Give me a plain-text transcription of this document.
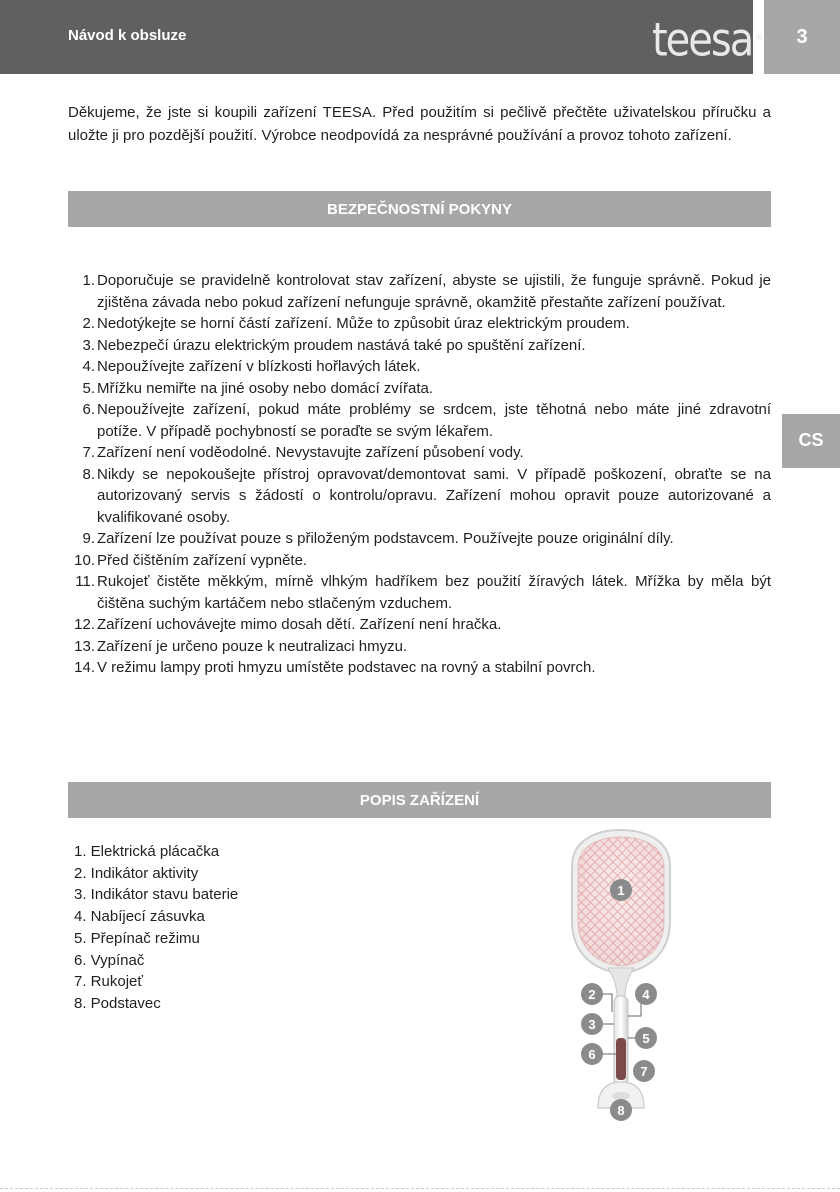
Návod k obsluze	teesa ®	3
CS

Děkujeme, že jste si koupili zařízení TEESA. Před použitím si pečlivě přečtěte uživatelskou příručku a uložte ji pro pozdější použití. Výrobce neodpovídá za nesprávné používání a provoz tohoto zařízení.

BEZPEČNOSTNÍ POKYNY
1. Doporučuje se pravidelně kontrolovat stav zařízení, abyste se ujistili, že funguje správně. Pokud je zjištěna závada nebo pokud zařízení nefunguje správně, okamžitě přestaňte zařízení používat.
2. Nedotýkejte se horní částí zařízení. Může to způsobit úraz elektrickým proudem.
3. Nebezpečí úrazu elektrickým proudem nastává také po spuštění zařízení.
4. Nepoužívejte zařízení v blízkosti hořlavých látek.
5. Mřížku nemiřte na jiné osoby nebo domácí zvířata.
6. Nepoužívejte zařízení, pokud máte problémy se srdcem, jste těhotná nebo máte jiné zdravotní potíže. V případě pochybností se poraďte se svým lékařem.
7. Zařízení není voděodolné. Nevystavujte zařízení působení vody.
8. Nikdy se nepokoušejte přístroj opravovat/demontovat sami. V případě poškození, obraťte se na autorizovaný servis s žádostí o kontrolu/opravu. Zařízení mohou opravit pouze autorizované a kvalifikované osoby.
9. Zařízení lze používat pouze s přiloženým podstavcem. Používejte pouze originální díly.
10. Před čištěním zařízení vypněte.
11. Rukojeť čistěte měkkým, mírně vlhkým hadříkem bez použití žíravých látek. Mřížka by měla být čištěna suchým kartáčem nebo stlačeným vzduchem.
12. Zařízení uchovávejte mimo dosah dětí. Zařízení není hračka.
13. Zařízení je určeno pouze k neutralizaci hmyzu.
14. V režimu lampy proti hmyzu umístěte podstavec na rovný a stabilní povrch.
POPIS ZAŘÍZENÍ
1. Elektrická plácačka
2. Indikátor aktivity
3. Indikátor stavu baterie
4. Nabíjecí zásuvka
5. Přepínač režimu
6. Vypínač
7. Rukojeť
8. Podstavec
1
2
3
4
5
6
7
8
